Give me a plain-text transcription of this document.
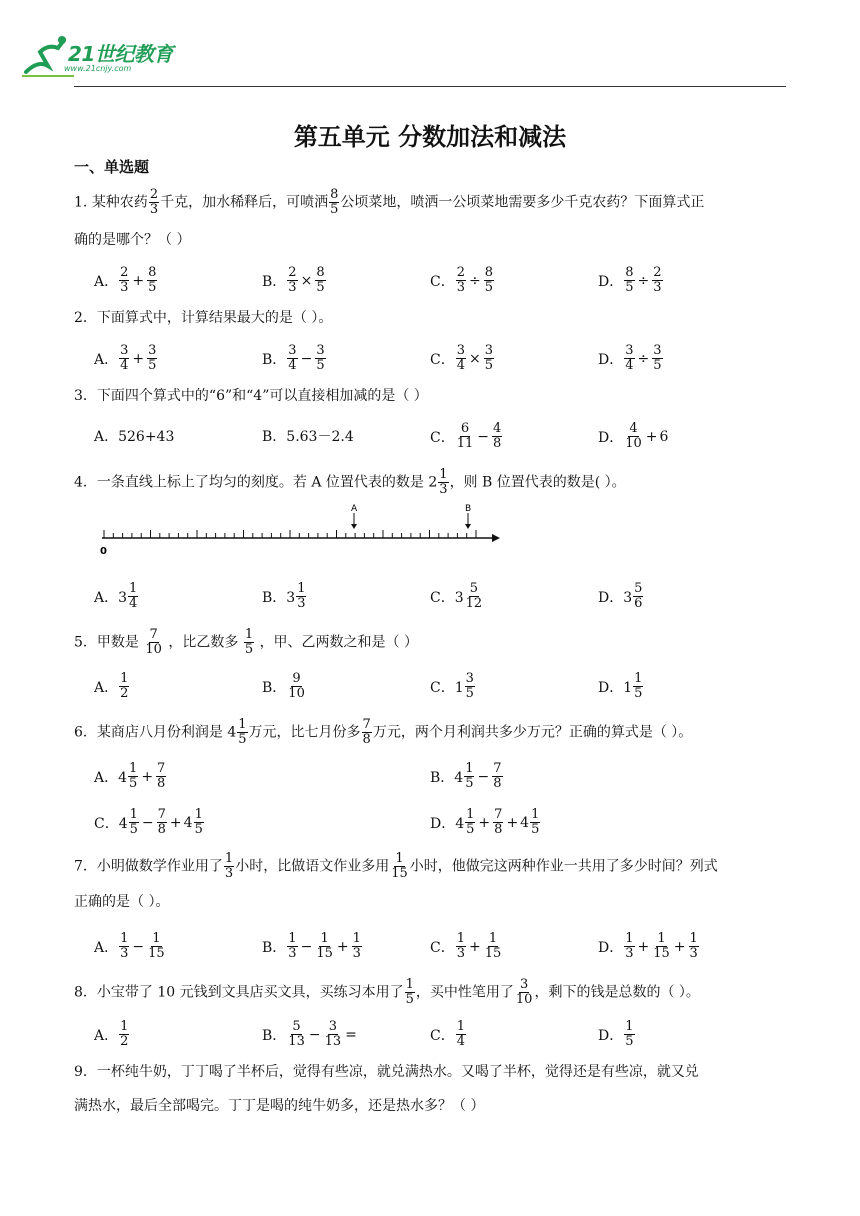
21世纪教育
www.21cnjy.com
第五单元 分数加法和减法
一、单选题
1. 某种农药 $\frac{2}{3}$ 千克，加水稀释后，可喷洒 $\frac{8}{5}$ 公顷菜地，喷洒一公顷菜地需要多少千克农药？下面算式正
确的是哪个？（ ）
A． $\frac{2}{3} + \frac{8}{5}$	B． $\frac{2}{3} \times \frac{8}{5}$	C． $\frac{2}{3} \div \frac{8}{5}$	D． $\frac{8}{5} \div \frac{2}{3}$
2．下面算式中，计算结果最大的是（ ）。
A． $\frac{3}{4} + \frac{3}{5}$	B． $\frac{3}{4} - \frac{3}{5}$	C． $\frac{3}{4} \times \frac{3}{5}$	D． $\frac{3}{4} \div \frac{3}{5}$
3．下面四个算式中的“6”和“4”可以直接相加减的是（ ）
A．526+43	B．5.63－2.4	C． $\frac{6}{11} - \frac{4}{8}$	D． $\frac{4}{10} + 6$
4．一条直线上标上了均匀的刻度。若 A 位置代表的数是 $2 \frac{1}{3}$ ，则 B 位置代表的数是( ）。
0
A	B
A．$3 \frac{1}{4}$	B．$3 \frac{1}{3}$	C．$3 \frac{5}{12}$	D．$3 \frac{5}{6}$
5．甲数是 $\frac{7}{10}$ ，比乙数多 $\frac{1}{5}$ ，甲、乙两数之和是（ ）
A． $\frac{1}{2}$	B． $\frac{9}{10}$	C．$1 \frac{3}{5}$	D．$1 \frac{1}{5}$
6．某商店八月份利润是 $4 \frac{1}{5}$ 万元，比七月份多 $\frac{7}{8}$ 万元，两个月利润共多少万元？正确的算式是（ ）。
A．$4 \frac{1}{5} + \frac{7}{8}$	B．$4 \frac{1}{5} - \frac{7}{8}$
C．$4 \frac{1}{5} - \frac{7}{8} + 4 \frac{1}{5}$	D．$4 \frac{1}{5} + \frac{7}{8} + 4 \frac{1}{5}$
7．小明做数学作业用了 $\frac{1}{3}$ 小时，比做语文作业多用 $\frac{1}{15}$ 小时，他做完这两种作业一共用了多少时间？列式
正确的是（ ）。
A． $\frac{1}{3} - \frac{1}{15}$	B． $\frac{1}{3} - \frac{1}{15} + \frac{1}{3}$	C． $\frac{1}{3} + \frac{1}{15}$	D． $\frac{1}{3} + \frac{1}{15} + \frac{1}{3}$
8．小宝带了 10 元钱到文具店买文具，买练习本用了 $\frac{1}{5}$ ，买中性笔用了 $\frac{3}{10}$ ，剩下的钱是总数的（ ）。
A． $\frac{1}{2}$	B． $\frac{5}{13} - \frac{3}{13}$ =	C． $\frac{1}{4}$	D． $\frac{1}{5}$
9．一杯纯牛奶，丁丁喝了半杯后，觉得有些凉，就兑满热水。又喝了半杯，觉得还是有些凉，就又兑
满热水，最后全部喝完。丁丁是喝的纯牛奶多，还是热水多？（ ）
